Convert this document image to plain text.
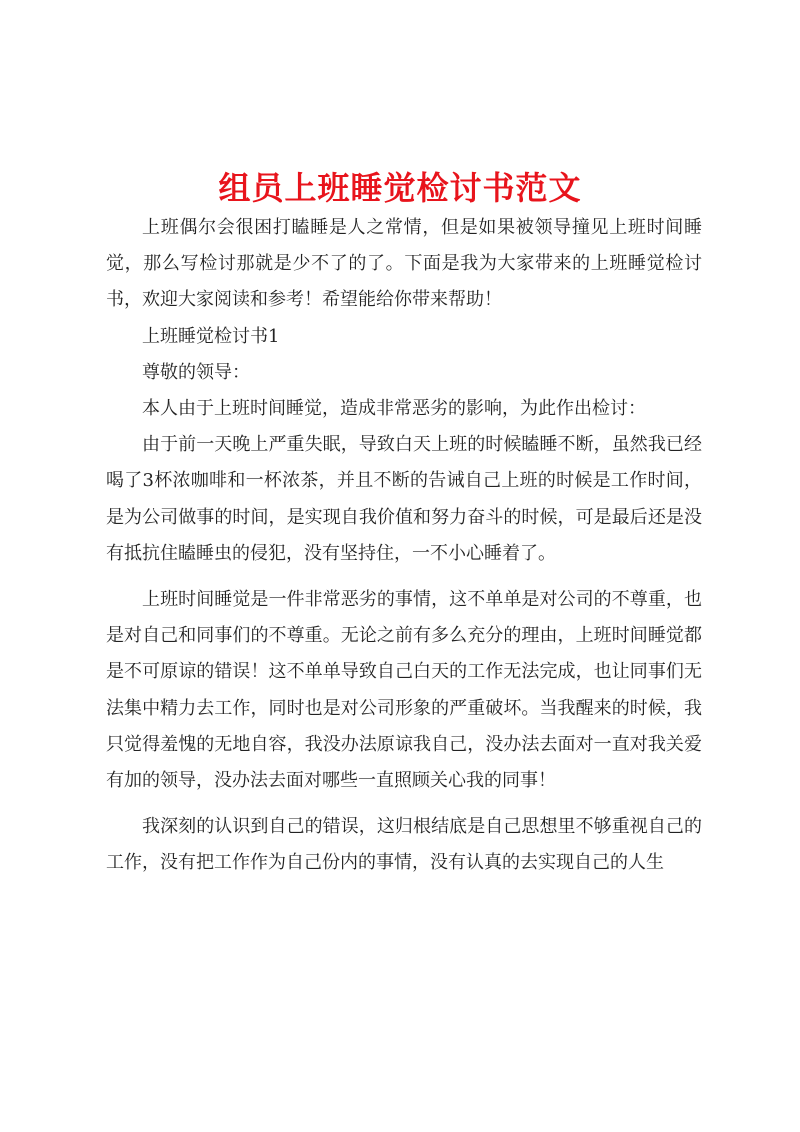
组员上班睡觉检讨书范文

上班偶尔会很困打瞌睡是人之常情，但是如果被领导撞见上班时间睡觉，那么写检讨那就是少不了的了。下面是我为大家带来的上班睡觉检讨书，欢迎大家阅读和参考！希望能给你带来帮助！

上班睡觉检讨书1

尊敬的领导：

本人由于上班时间睡觉，造成非常恶劣的影响，为此作出检讨：

由于前一天晚上严重失眠，导致白天上班的时候瞌睡不断，虽然我已经喝了3杯浓咖啡和一杯浓茶，并且不断的告诫自己上班的时候是工作时间，是为公司做事的时间，是实现自我价值和努力奋斗的时候，可是最后还是没有抵抗住瞌睡虫的侵犯，没有坚持住，一不小心睡着了。

上班时间睡觉是一件非常恶劣的事情，这不单单是对公司的不尊重，也是对自己和同事们的不尊重。无论之前有多么充分的理由，上班时间睡觉都是不可原谅的错误！这不单单导致自己白天的工作无法完成，也让同事们无法集中精力去工作，同时也是对公司形象的严重破坏。当我醒来的时候，我只觉得羞愧的无地自容，我没办法原谅我自己，没办法去面对一直对我关爱有加的领导，没办法去面对哪些一直照顾关心我的同事！

我深刻的认识到自己的错误，这归根结底是自己思想里不够重视自己的工作，没有把工作作为自己份内的事情，没有认真的去实现自己的人生
